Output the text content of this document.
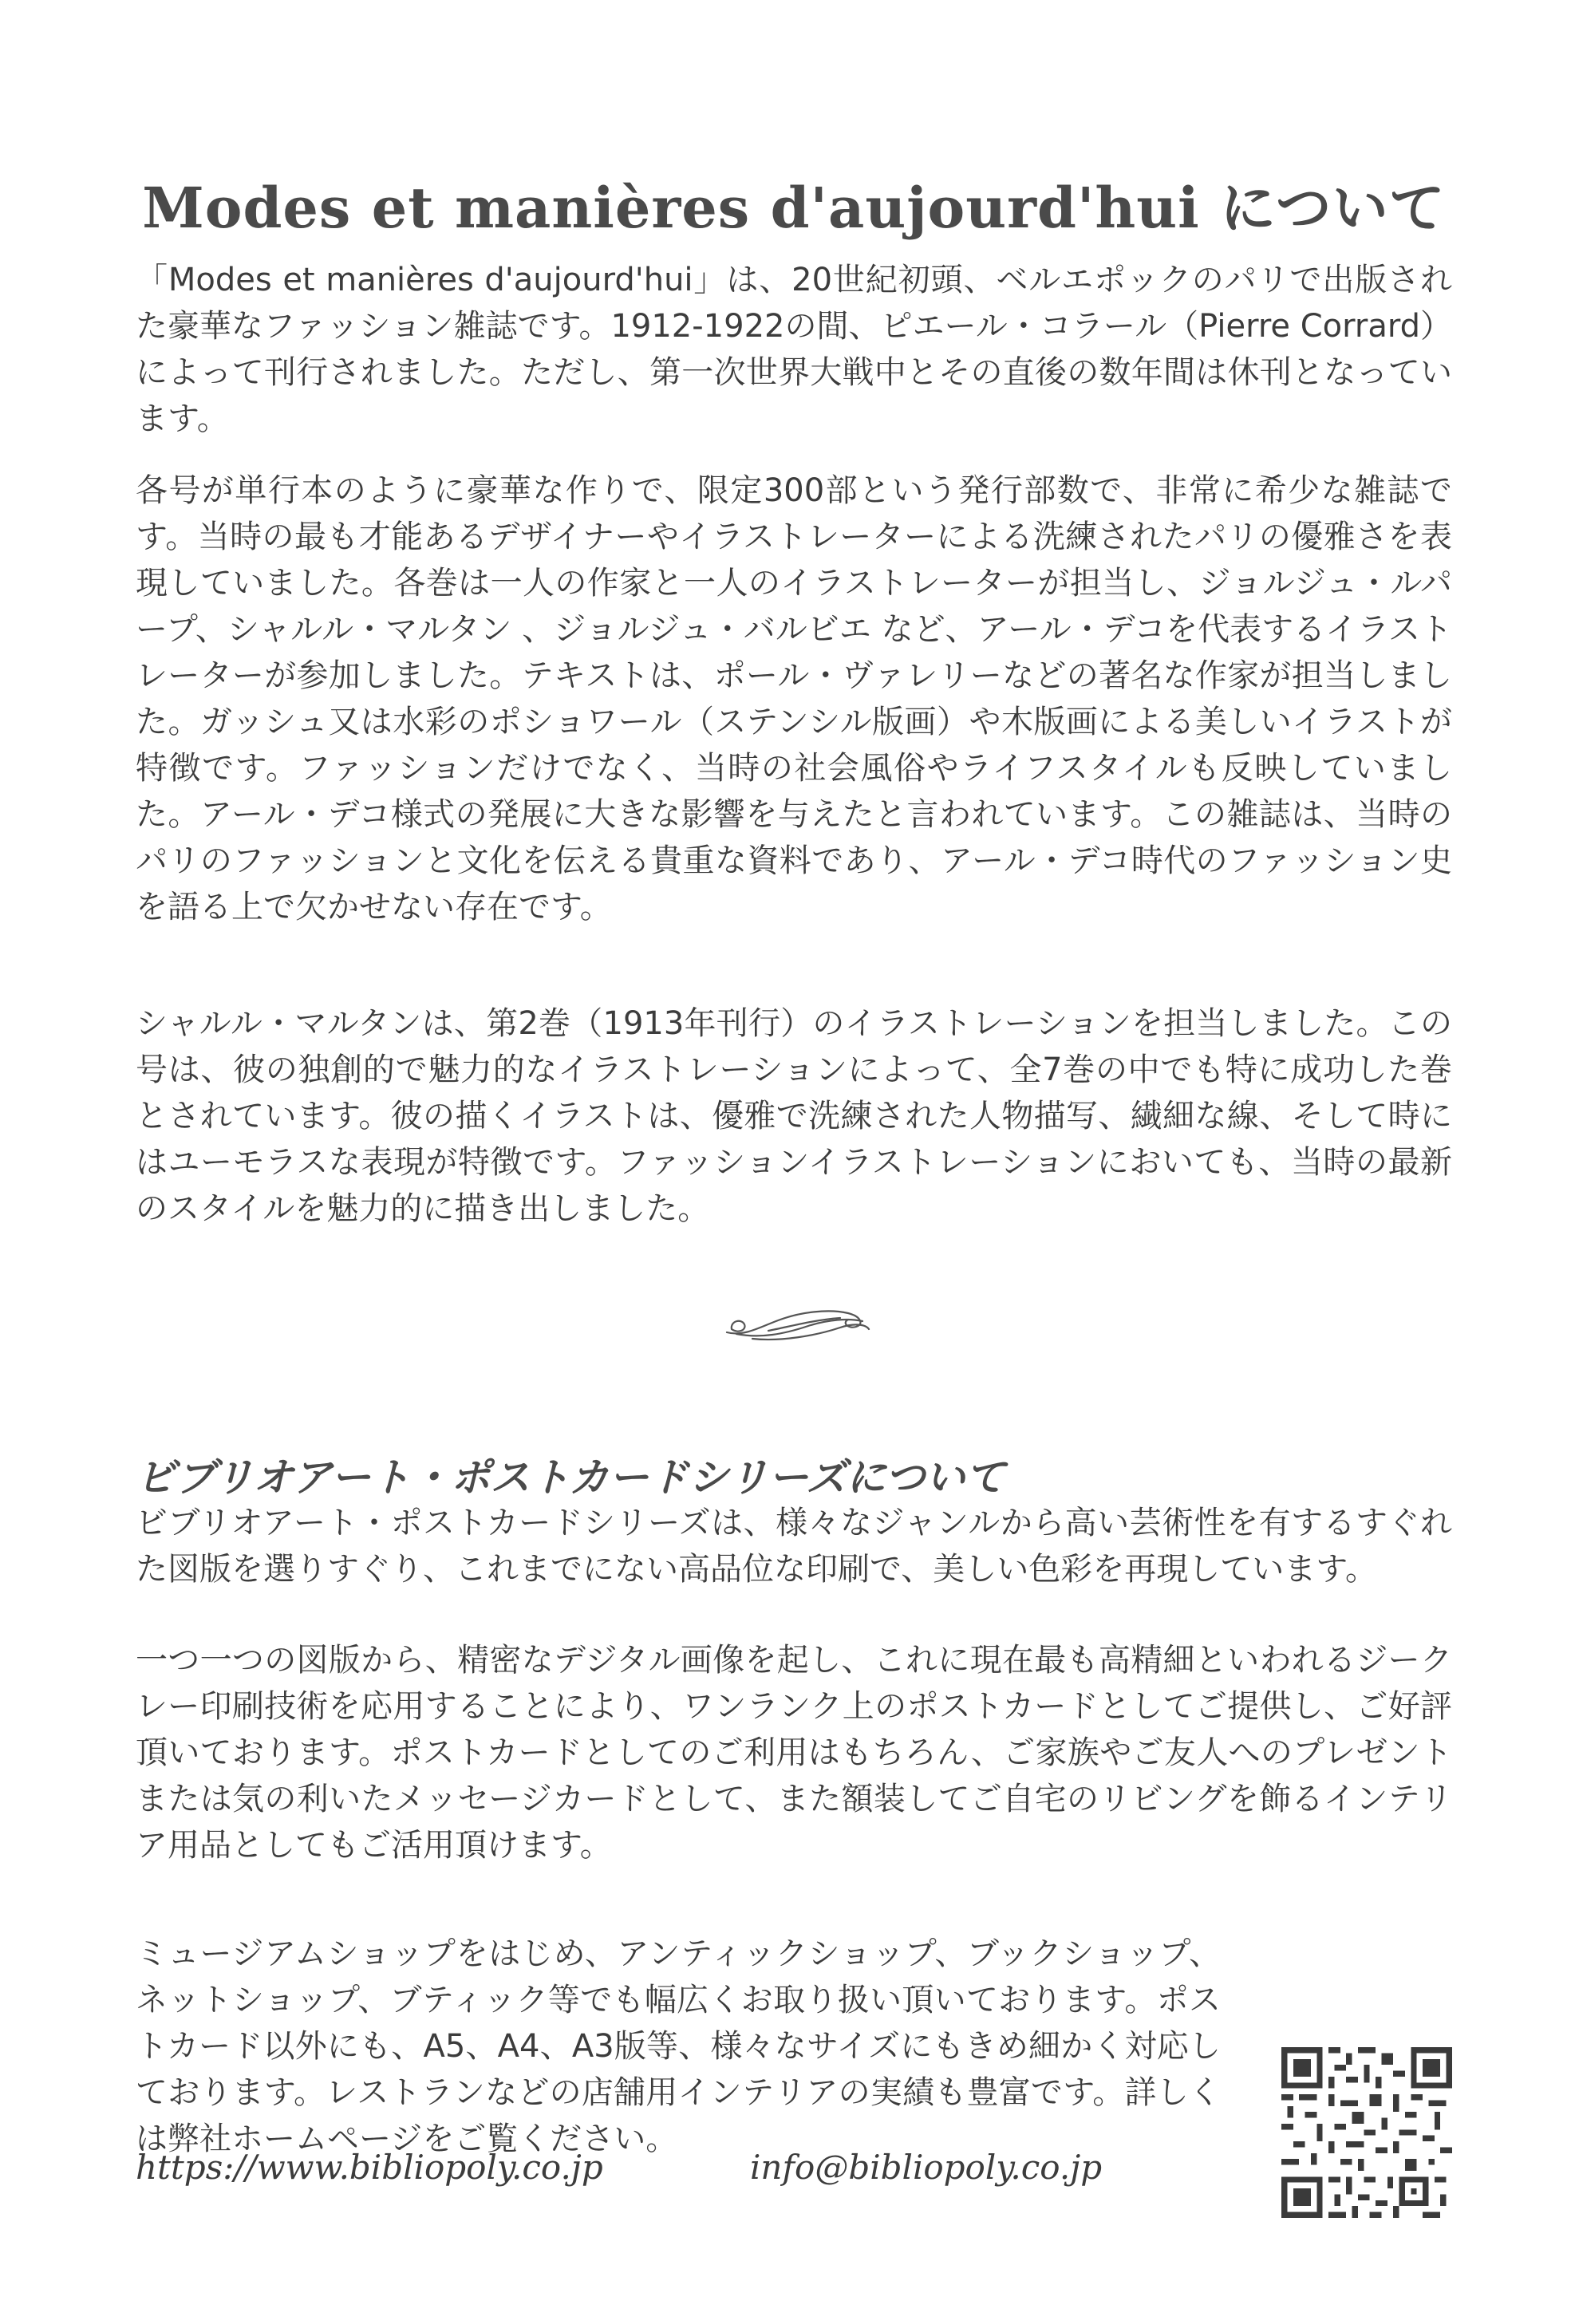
Modes et manières d'aujourd'hui について

「Modes et manières d'aujourd'hui」は、20世紀初頭、ベルエポックのパリで出版された豪華なファッション雑誌です。1912-1922の間、ピエール・コラール（Pierre Corrard）によって刊行されました。ただし、第一次世界大戦中とその直後の数年間は休刊となっています。

各号が単行本のように豪華な作りで、限定300部という発行部数で、非常に希少な雑誌です。当時の最も才能あるデザイナーやイラストレーターによる洗練されたパリの優雅さを表現していました。各巻は一人の作家と一人のイラストレーターが担当し、ジョルジュ・ルパープ、シャルル・マルタン 、ジョルジュ・バルビエ など、アール・デコを代表するイラストレーターが参加しました。テキストは、ポール・ヴァレリーなどの著名な作家が担当しました。ガッシュ又は水彩のポショワール（ステンシル版画）や木版画による美しいイラストが特徴です。ファッションだけでなく、当時の社会風俗やライフスタイルも反映していました。アール・デコ様式の発展に大きな影響を与えたと言われています。この雑誌は、当時のパリのファッションと文化を伝える貴重な資料であり、アール・デコ時代のファッション史を語る上で欠かせない存在です。

シャルル・マルタンは、第2巻（1913年刊行）のイラストレーションを担当しました。この号は、彼の独創的で魅力的なイラストレーションによって、全7巻の中でも特に成功した巻とされています。彼の描くイラストは、優雅で洗練された人物描写、繊細な線、そして時にはユーモラスな表現が特徴です。ファッションイラストレーションにおいても、当時の最新のスタイルを魅力的に描き出しました。

ビブリオアート・ポストカードシリーズについて

ビブリオアート・ポストカードシリーズは、様々なジャンルから高い芸術性を有するすぐれた図版を選りすぐり、これまでにない高品位な印刷で、美しい色彩を再現しています。

一つ一つの図版から、精密なデジタル画像を起し、これに現在最も高精細といわれるジークレー印刷技術を応用することにより、ワンランク上のポストカードとしてご提供し、ご好評頂いております。ポストカードとしてのご利用はもちろん、ご家族やご友人へのプレゼントまたは気の利いたメッセージカードとして、また額装してご自宅のリビングを飾るインテリア用品としてもご活用頂けます。

ミュージアムショップをはじめ、アンティックショップ、ブックショップ、ネットショップ、ブティック等でも幅広くお取り扱い頂いております。ポストカード以外にも、A5、A4、A3版等、様々なサイズにもきめ細かく対応しております。レストランなどの店舗用インテリアの実績も豊富です。詳しくは弊社ホームページをご覧ください。

https://www.bibliopoly.co.jp	info@bibliopoly.co.jp
